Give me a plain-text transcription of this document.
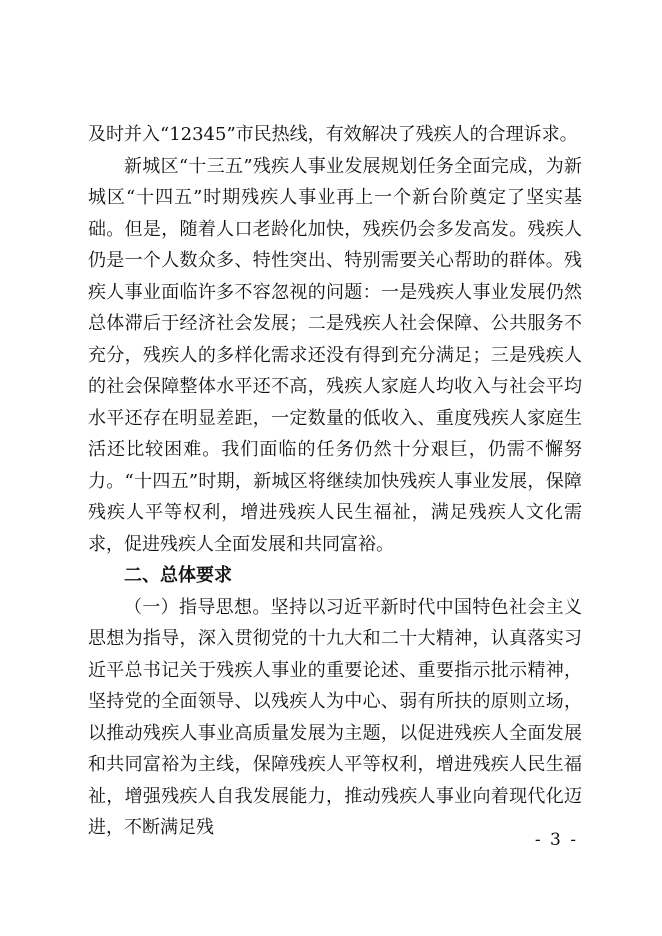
及时并入“12345”市民热线，有效解决了残疾人的合理诉求。

新城区“十三五”残疾人事业发展规划任务全面完成，为新城区“十四五”时期残疾人事业再上一个新台阶奠定了坚实基础。但是，随着人口老龄化加快，残疾仍会多发高发。残疾人仍是一个人数众多、特性突出、特别需要关心帮助的群体。残疾人事业面临许多不容忽视的问题：一是残疾人事业发展仍然总体滞后于经济社会发展；二是残疾人社会保障、公共服务不充分，残疾人的多样化需求还没有得到充分满足；三是残疾人的社会保障整体水平还不高，残疾人家庭人均收入与社会平均水平还存在明显差距，一定数量的低收入、重度残疾人家庭生活还比较困难。我们面临的任务仍然十分艰巨，仍需不懈努力。“十四五”时期，新城区将继续加快残疾人事业发展，保障残疾人平等权利，增进残疾人民生福祉，满足残疾人文化需求，促进残疾人全面发展和共同富裕。

二、总体要求

（一）指导思想。坚持以习近平新时代中国特色社会主义思想为指导，深入贯彻党的十九大和二十大精神，认真落实习近平总书记关于残疾人事业的重要论述、重要指示批示精神，坚持党的全面领导、以残疾人为中心、弱有所扶的原则立场，以推动残疾人事业高质量发展为主题，以促进残疾人全面发展和共同富裕为主线，保障残疾人平等权利，增进残疾人民生福祉，增强残疾人自我发展能力，推动残疾人事业向着现代化迈进，不断满足残

- 3 -
